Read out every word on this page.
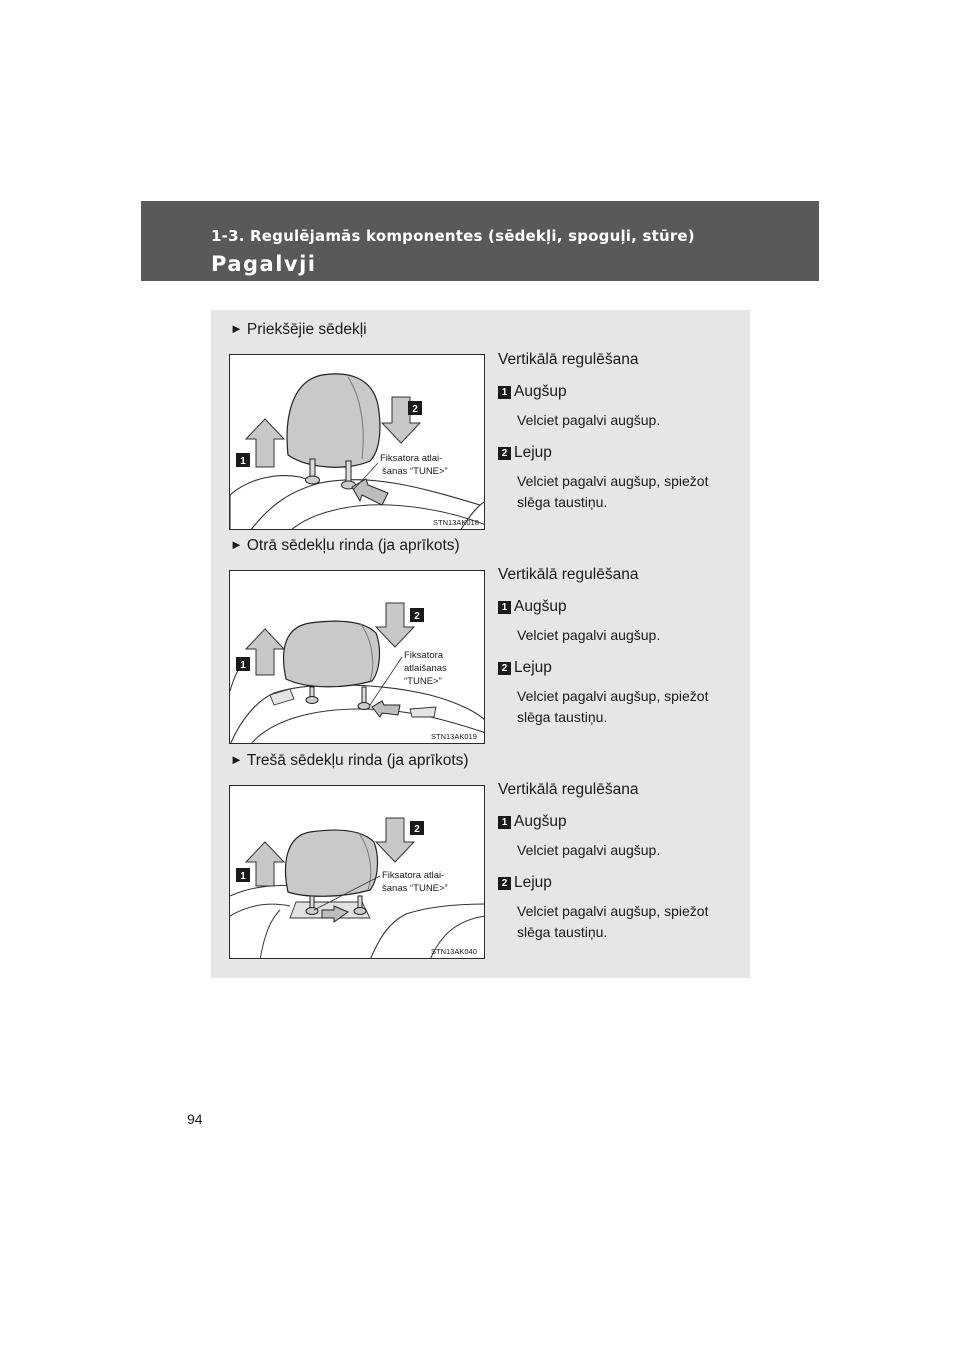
1-3. Regulējamās komponentes (sēdekļi, spoguļi, stūre)
Pagalvji
► Priekšējie sēdekļi
1
2
Fiksatora atlai-
šanas “TUNE>”
STN13AK018
Vertikālā regulēšana
1 Augšup
Velciet pagalvi augšup.
2 Lejup
Velciet pagalvi augšup, spiežot slēga taustiņu.
► Otrā sēdekļu rinda (ja aprīkots)
1
2
Fiksatora
atlaišanas
“TUNE>”
STN13AK019
Vertikālā regulēšana
1 Augšup
Velciet pagalvi augšup.
2 Lejup
Velciet pagalvi augšup, spiežot slēga taustiņu.
► Trešā sēdekļu rinda (ja aprīkots)
1
2
Fiksatora atlai-
šanas “TUNE>”
STN13AK040
Vertikālā regulēšana
1 Augšup
Velciet pagalvi augšup.
2 Lejup
Velciet pagalvi augšup, spiežot slēga taustiņu.
94
